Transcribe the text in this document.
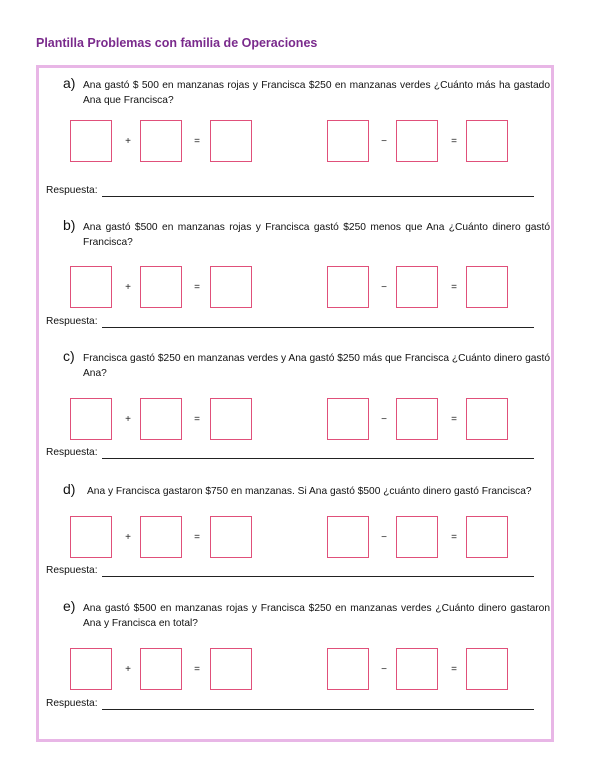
Plantilla Problemas con familia de Operaciones
a) Ana gastó $ 500 en manzanas rojas y Francisca $250 en manzanas verdes ¿Cuánto más ha gastado Ana que Francisca?
+	=	−	=
Respuesta:
b) Ana gastó $500 en manzanas rojas y Francisca gastó $250 menos que Ana ¿Cuánto dinero gastó Francisca?
+	=	−	=
Respuesta:
c) Francisca gastó $250 en manzanas verdes y Ana gastó $250 más que Francisca ¿Cuánto dinero gastó Ana?
+	=	−	=
Respuesta:
d) Ana y Francisca gastaron $750 en manzanas. Si Ana gastó $500 ¿cuánto dinero gastó Francisca?
+	=	−	=
Respuesta:
e) Ana gastó $500 en manzanas rojas y Francisca $250 en manzanas verdes ¿Cuánto dinero gastaron Ana y Francisca en total?
+	=	−	=
Respuesta:
